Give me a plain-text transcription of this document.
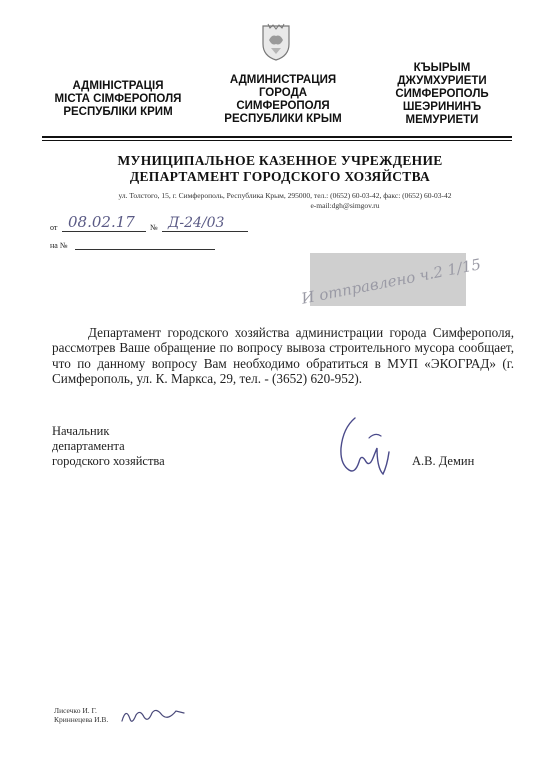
АДМІНІСТРАЦІЯ
МІСТА СІМФЕРОПОЛЯ
РЕСПУБЛІКИ КРИМ
АДМИНИСТРАЦИЯ
ГОРОДА
СИМФЕРОПОЛЯ
РЕСПУБЛИКИ КРЫМ
КЪЫРЫМ
ДЖУМХУРИЕТИ
СИМФЕРОПОЛЬ
ШЕЭРИНИНЪ
МЕМУРИЕТИ
МУНИЦИПАЛЬНОЕ КАЗЕННОЕ УЧРЕЖДЕНИЕ
ДЕПАРТАМЕНТ ГОРОДСКОГО ХОЗЯЙСТВА
ул. Толстого, 15, г. Симферополь, Республика Крым, 295000, тел.: (0652) 60-03-42, факс: (0652) 60-03-42
e-mail:dgh@simgov.ru
от 08.02.17 № Д-24/03
на №
И отправлено ч.2 1/15
Департамент городского хозяйства администрации города Симферополя, рассмотрев Ваше обращение по вопросу вывоза строительного мусора сообщает, что по данному вопросу Вам необходимо обратиться в МУП «ЭКОГРАД» (г. Симферополь, ул. К. Маркса, 29, тел. - (3652) 620-952).
Начальник
департамента
городского хозяйства	А.В. Демин
Лисечко И. Г.
Криннецева И.В.
